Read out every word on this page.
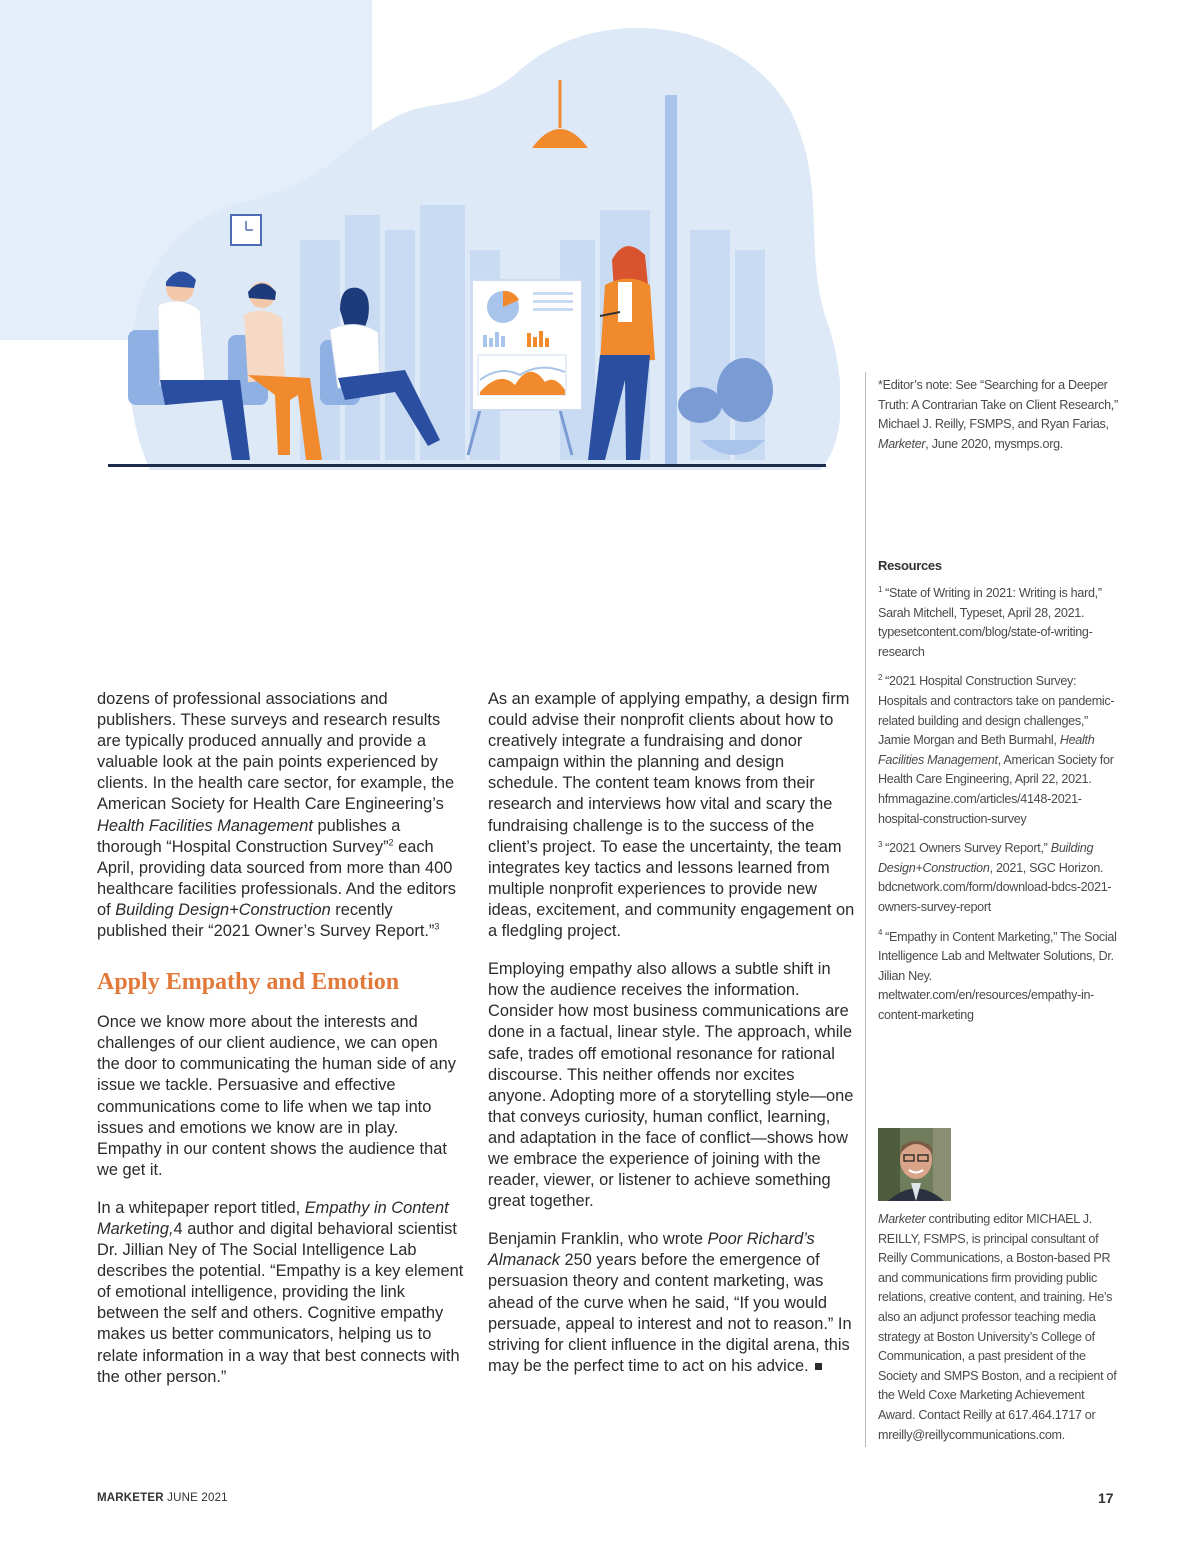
dozens of professional associations and publishers. These surveys and research results are typically produced annually and provide a valuable look at the pain points experienced by clients. In the health care sector, for example, the American Society for Health Care Engineering’s Health Facilities Management publishes a thorough “Hospital Construction Survey”$^2$ each April, providing data sourced from more than 400 healthcare facilities professionals. And the editors of Building Design+Construction recently published their “2021 Owner’s Survey Report.”$^3$

Apply Empathy and Emotion

Once we know more about the interests and challenges of our client audience, we can open the door to communicating the human side of any issue we tackle. Persuasive and effective communications come to life when we tap into issues and emotions we know are in play. Empathy in our content shows the audience that we get it.

In a whitepaper report titled, Empathy in Content Marketing,4 author and digital behavioral scientist Dr. Jillian Ney of The Social Intelligence Lab describes the potential. “Empathy is a key element of emotional intelligence, providing the link between the self and others. Cognitive empathy makes us better communicators, helping us to relate information in a way that best connects with the other person.”

As an example of applying empathy, a design firm could advise their nonprofit clients about how to creatively integrate a fundraising and donor campaign within the planning and design schedule. The content team knows from their research and interviews how vital and scary the fundraising challenge is to the success of the client’s project. To ease the uncertainty, the team integrates key tactics and lessons learned from multiple nonprofit experiences to provide new ideas, excitement, and community engagement on a fledgling project.

Employing empathy also allows a subtle shift in how the audience receives the information. Consider how most business communications are done in a factual, linear style. The approach, while safe, trades off emotional resonance for rational discourse. This neither offends nor excites anyone. Adopting more of a storytelling style—one that conveys curiosity, human conflict, learning, and adaptation in the face of conflict—shows how we embrace the experience of joining with the reader, viewer, or listener to achieve something great together.

Benjamin Franklin, who wrote Poor Richard’s Almanack 250 years before the emergence of persuasion theory and content marketing, was ahead of the curve when he said, “If you would persuade, appeal to interest and not to reason.” In striving for client influence in the digital arena, this may be the perfect time to act on his advice.

*Editor’s note: See “Searching for a Deeper Truth: A Contrarian Take on Client Research,” Michael J. Reilly, FSMPS, and Ryan Farias, Marketer, June 2020, mysmps.org.
Resources
$^1$ “State of Writing in 2021: Writing is hard,” Sarah Mitchell, Typeset, April 28, 2021. typesetcontent.com/blog/state-of-writing-research
$^2$ “2021 Hospital Construction Survey: Hospitals and contractors take on pandemic-related building and design challenges,” Jamie Morgan and Beth Burmahl, Health Facilities Management, American Society for Health Care Engineering, April 22, 2021. hfmmagazine.com/articles/4148-2021-hospital-construction-survey
$^3$ “2021 Owners Survey Report,” Building Design+Construction, 2021, SGC Horizon. bdcnetwork.com/form/download-bdcs-2021-owners-survey-report
$^4$ “Empathy in Content Marketing,” The Social Intelligence Lab and Meltwater Solutions, Dr. Jilian Ney. meltwater.com/en/resources/empathy-in-content-marketing
Marketer contributing editor MICHAEL J. REILLY, FSMPS, is principal consultant of Reilly Communications, a Boston-based PR and communications firm providing public relations, creative content, and training. He’s also an adjunct professor teaching media strategy at Boston University’s College of Communication, a past president of the Society and SMPS Boston, and a recipient of the Weld Coxe Marketing Achievement Award. Contact Reilly at 617.464.1717 or mreilly@reillycommunications.com.
MARKETER JUNE 2021	17
